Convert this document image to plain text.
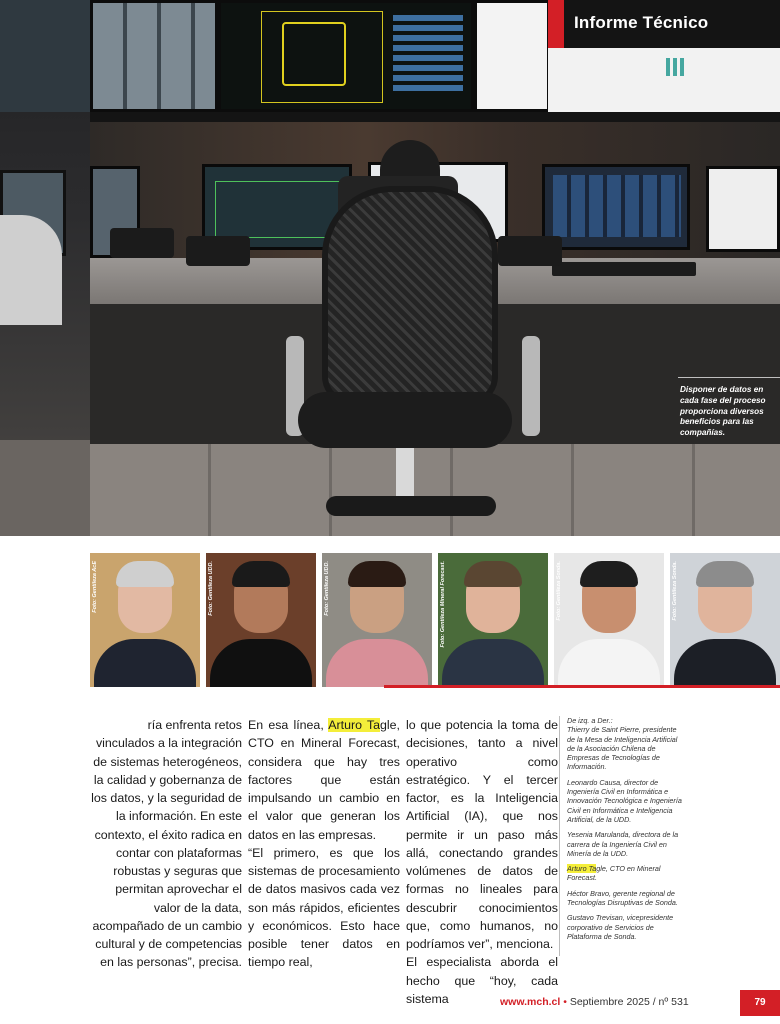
Informe Técnico
Disponer de datos en cada fase del proceso proporciona diversos beneficios para las compañías.
Foto: Gentileza AcE	Foto: Gentileza UDD.	Foto: Gentileza UDD.	Foto: Gentileza Mineral Forecast.	Foto: Gentileza Sonda.	Foto: Gentileza Sonda.

ría enfrenta retos vinculados a la integración de sistemas heterogéneos, la calidad y gobernanza de los datos, y la seguridad de la información. En este contexto, el éxito radica en contar con plataformas robustas y seguras que permitan aprovechar el valor de la data, acompañado de un cambio cultural y de competencias en las personas”, precisa.

En esa línea, Arturo Tagle, CTO en Mineral Forecast, considera que hay tres factores que están impulsando un cambio en el valor que generan los datos en las empresas.

“El primero, es que los sistemas de procesamiento de datos masivos cada vez son más rápidos, eficientes y económicos. Esto hace posible tener datos en tiempo real,

lo que potencia la toma de decisiones, tanto a nivel operativo como estratégico. Y el tercer factor, es la Inteligencia Artificial (IA), que nos permite ir un paso más allá, conectando grandes volúmenes de datos de formas no lineales para descubrir conocimientos que, como humanos, no podríamos ver”, menciona.

El especialista aborda el hecho que “hoy, cada sistema

De izq. a Der.:

Thierry de Saint Pierre, presidente de la Mesa de Inteligencia Artificial de la Asociación Chilena de Empresas de Tecnologías de Información.

Leonardo Causa, director de Ingeniería Civil en Informática e Innovación Tecnológica e Ingeniería Civil en Informática e Inteligencia Artificial, de la UDD.

Yesenia Marulanda, directora de la carrera de la Ingeniería Civil en Minería de la UDD.

Arturo Tagle, CTO en Mineral Forecast.

Héctor Bravo, gerente regional de Tecnologías Disruptivas de Sonda.

Gustavo Trevisan, vicepresidente corporativo de Servicios de Plataforma de Sonda.

www.mch.cl • Septiembre 2025 / nº 531	79
